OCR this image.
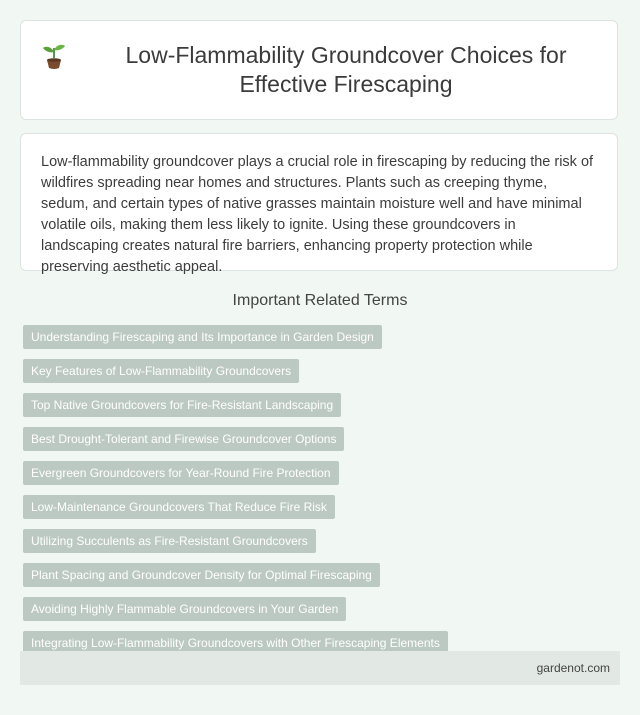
Low-Flammability Groundcover Choices for Effective Firescaping

Low-flammability groundcover plays a crucial role in firescaping by reducing the risk of wildfires spreading near homes and structures. Plants such as creeping thyme, sedum, and certain types of native grasses maintain moisture well and have minimal volatile oils, making them less likely to ignite. Using these groundcovers in landscaping creates natural fire barriers, enhancing property protection while preserving aesthetic appeal.

Important Related Terms
Understanding Firescaping and Its Importance in Garden Design
Key Features of Low-Flammability Groundcovers
Top Native Groundcovers for Fire-Resistant Landscaping
Best Drought-Tolerant and Firewise Groundcover Options
Evergreen Groundcovers for Year-Round Fire Protection
Low-Maintenance Groundcovers That Reduce Fire Risk
Utilizing Succulents as Fire-Resistant Groundcovers
Plant Spacing and Groundcover Density for Optimal Firescaping
Avoiding Highly Flammable Groundcovers in Your Garden
Integrating Low-Flammability Groundcovers with Other Firescaping Elements
gardenot.com
